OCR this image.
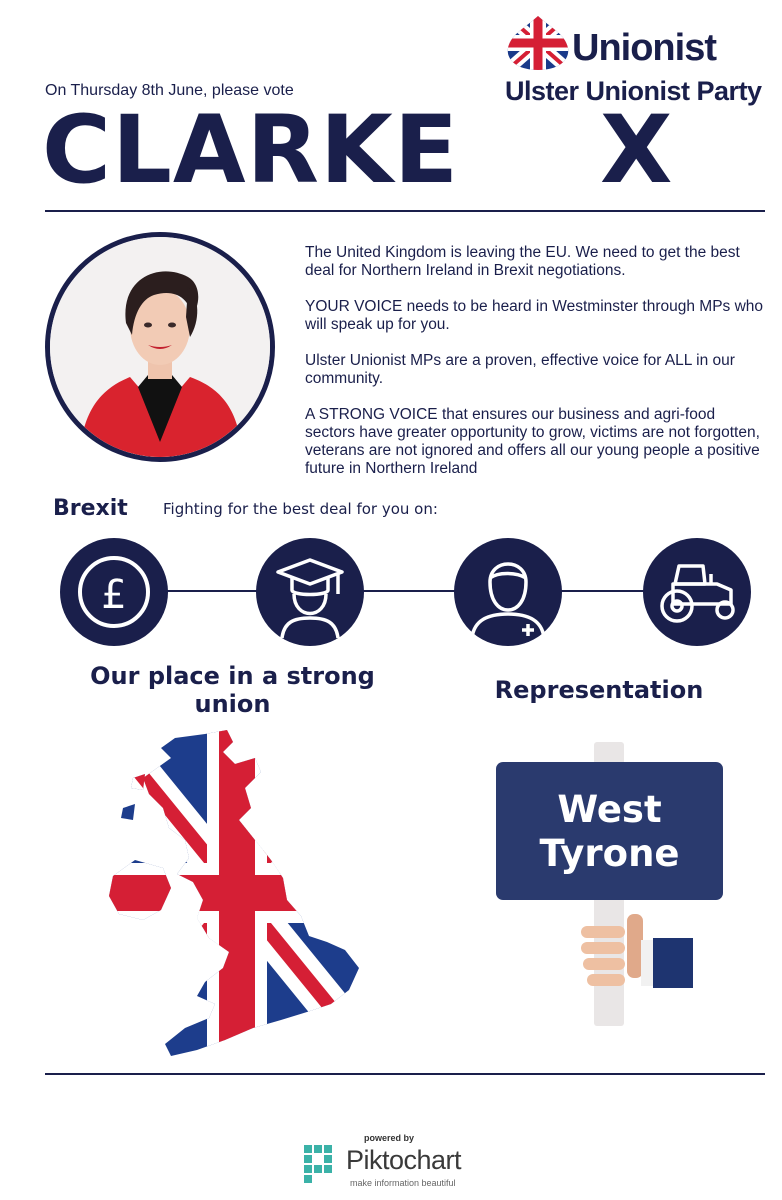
On Thursday 8th June, please vote
CLARKE X
Unionist
Ulster Unionist Party

The United Kingdom is leaving the EU. We need to get the best deal for Northern Ireland in Brexit negotiations.

YOUR VOICE needs to be heard in Westminster through MPs who will speak up for you.

Ulster Unionist MPs are a proven, effective voice for ALL in our community.

A STRONG VOICE that ensures our business and agri-food sectors have greater opportunity to grow, victims are not forgotten, veterans are not ignored and offers all our young people a positive future in Northern Ireland

Brexit Fighting for the best deal for you on:
£
Our place in a strong union	Representation
West
Tyrone
powered by
Piktochart
make information beautiful
